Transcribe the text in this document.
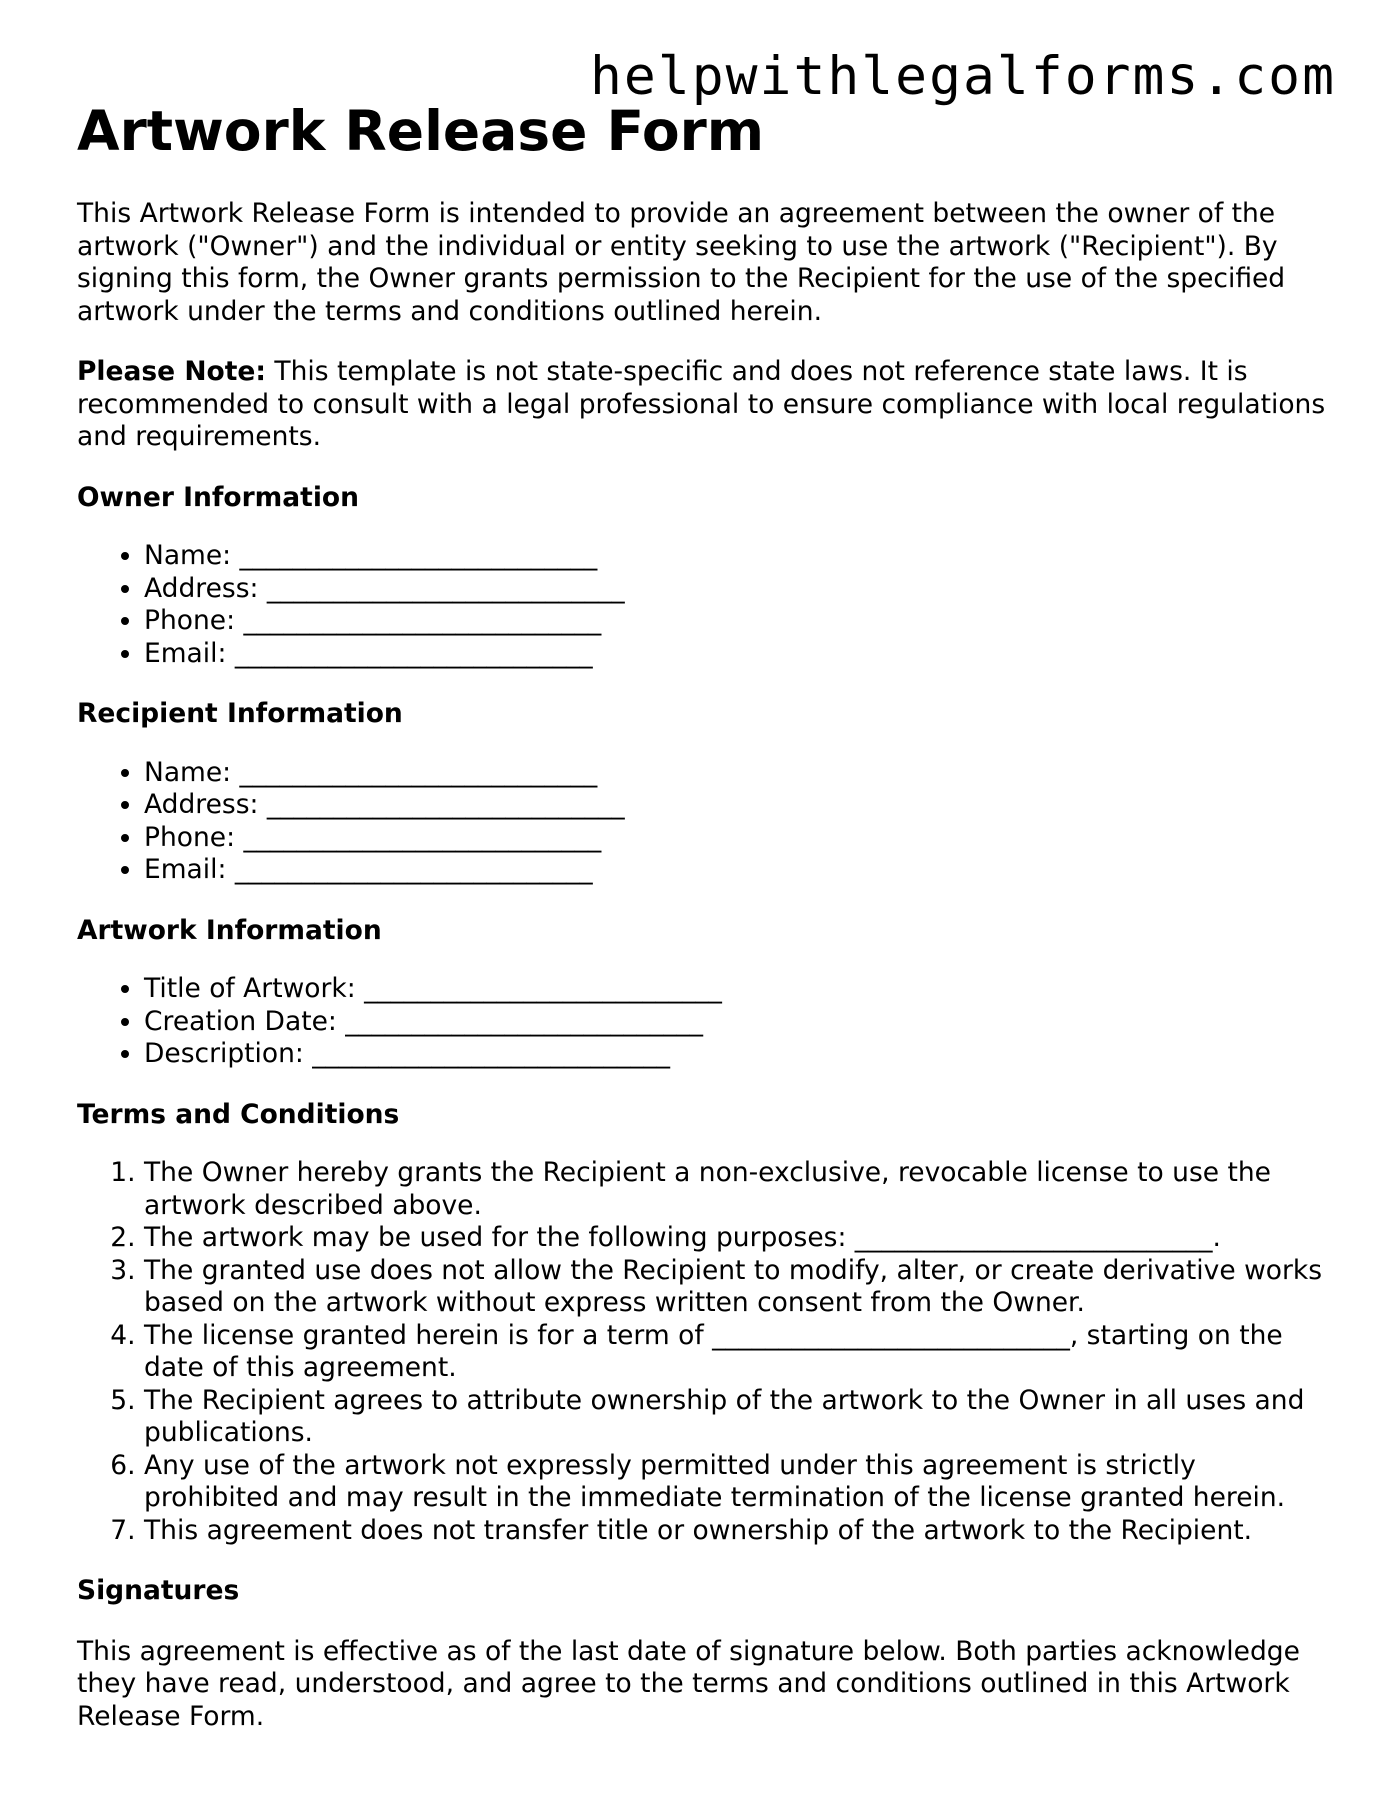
helpwithlegalforms.com
Artwork Release Form

This Artwork Release Form is intended to provide an agreement between the owner of the artwork ("Owner") and the individual or entity seeking to use the artwork ("Recipient"). By signing this form, the Owner grants permission to the Recipient for the use of the specified artwork under the terms and conditions outlined herein.

Please Note: This template is not state-specific and does not reference state laws. It is recommended to consult with a legal professional to ensure compliance with local regulations and requirements.

Owner Information
• Name: ___________________________
• Address: ___________________________
• Phone: ___________________________
• Email: ___________________________
Recipient Information
• Name: ___________________________
• Address: ___________________________
• Phone: ___________________________
• Email: ___________________________
Artwork Information
• Title of Artwork: ___________________________
• Creation Date: ___________________________
• Description: ___________________________
Terms and Conditions
1. The Owner hereby grants the Recipient a non-exclusive, revocable license to use the artwork described above.
2. The artwork may be used for the following purposes: ___________________________.
3. The granted use does not allow the Recipient to modify, alter, or create derivative works based on the artwork without express written consent from the Owner.
4. The license granted herein is for a term of ___________________________, starting on the date of this agreement.
5. The Recipient agrees to attribute ownership of the artwork to the Owner in all uses and publications.
6. Any use of the artwork not expressly permitted under this agreement is strictly prohibited and may result in the immediate termination of the license granted herein.
7. This agreement does not transfer title or ownership of the artwork to the Recipient.
Signatures

This agreement is effective as of the last date of signature below. Both parties acknowledge they have read, understood, and agree to the terms and conditions outlined in this Artwork Release Form.
